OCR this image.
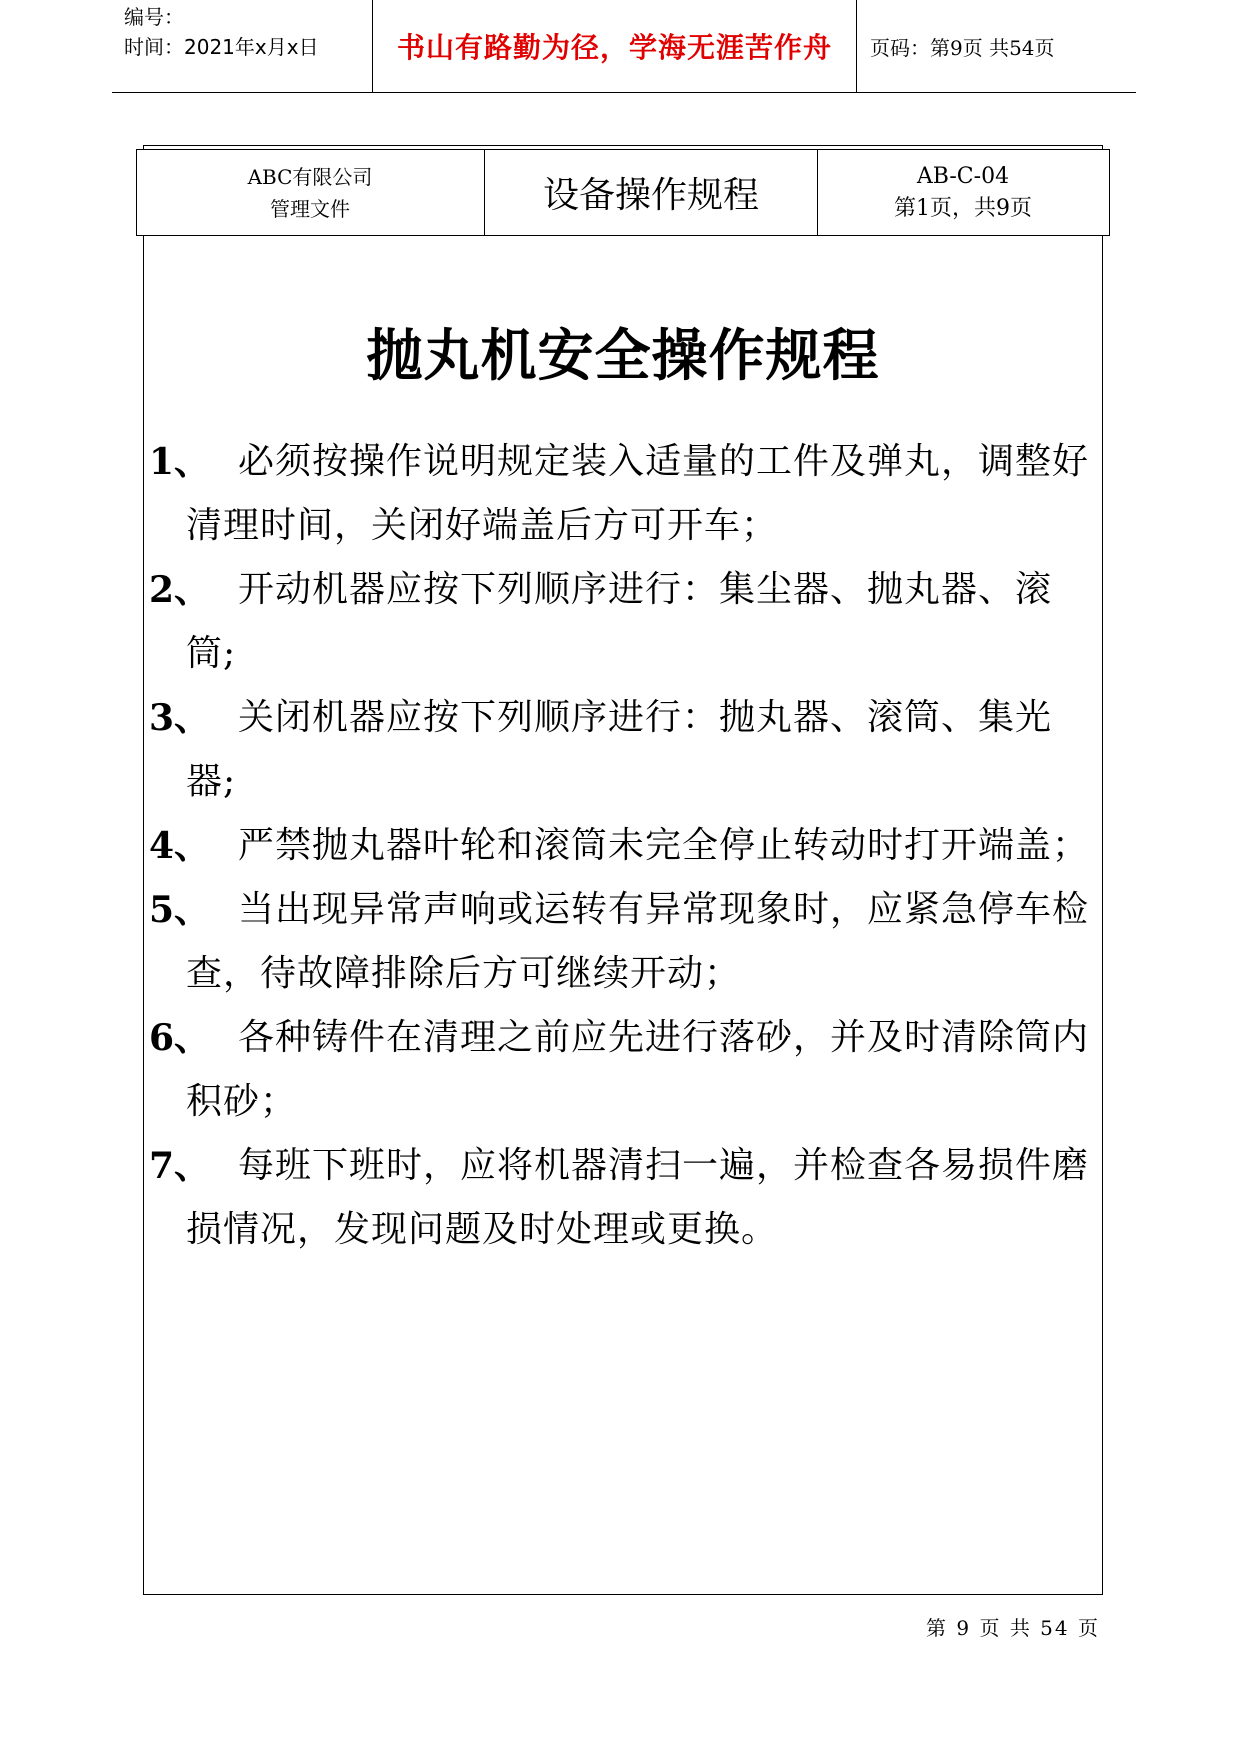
编号：
时间：2021年x月x日	书山有路勤为径，学海无涯苦作舟	页码：第9页 共54页
ABC有限公司
管理文件	设备操作规程	AB-C-04
第1页，共9页
抛丸机安全操作规程
1、 必须按操作说明规定装入适量的工件及弹丸，调整好清理时间，关闭好端盖后方可开车；
2、 开动机器应按下列顺序进行：集尘器、抛丸器、滚筒;
3、 关闭机器应按下列顺序进行：抛丸器、滚筒、集光器;
4、 严禁抛丸器叶轮和滚筒未完全停止转动时打开端盖；
5、 当出现异常声响或运转有异常现象时，应紧急停车检查，待故障排除后方可继续开动；
6、 各种铸件在清理之前应先进行落砂，并及时清除筒内积砂；
7、 每班下班时，应将机器清扫一遍，并检查各易损件磨损情况，发现问题及时处理或更换。
第 9 页 共 54 页
